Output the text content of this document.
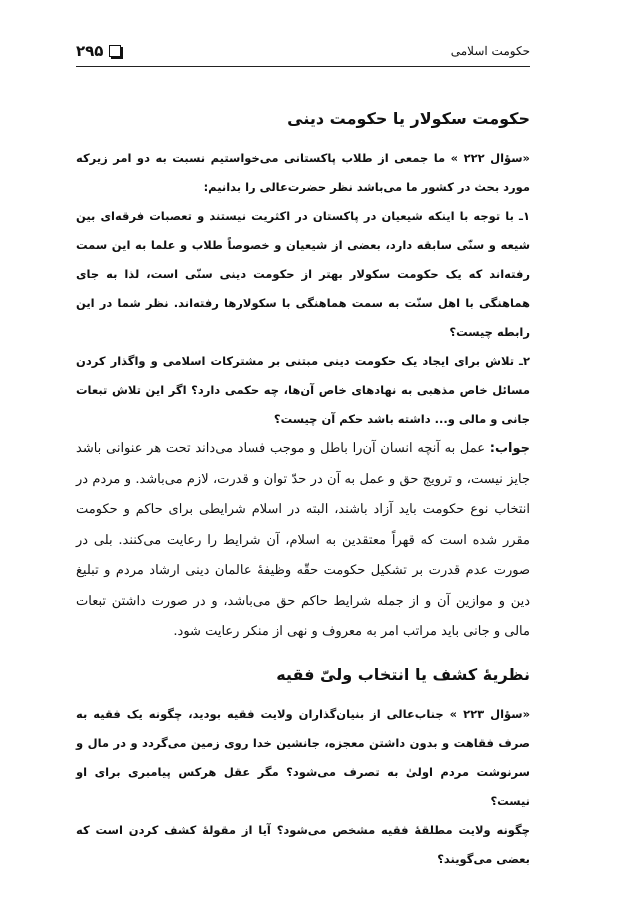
حکومت اسلامی
۲۹۵
حکومت سکولار یا حکومت دینی

«سؤال ۲۲۲ » ما جمعی از طلاب پاکستانی می‌خواستیم نسبت به دو امر زیرکه مورد بحث در کشور ما می‌باشد نظر حضرت‌عالی را بدانیم:

۱ـ با توجه با اینکه شیعیان در پاکستان در اکثریت نیستند و تعصبات فرقه‌ای بین شیعه و سنّی سابقه دارد، بعضی از شیعیان و خصوصاً طلاب و علما به این سمت رفته‌اند که یک حکومت سکولار بهتر از حکومت دینی سنّی است، لذا به جای هماهنگی با اهل سنّت به سمت هماهنگی با سکولارها رفته‌اند. نظر شما در این رابطه چیست؟

۲ـ تلاش برای ایجاد یک حکومت دینی مبتنی بر مشترکات اسلامی و واگذار کردن مسائل خاص مذهبی به نهادهای خاص آن‌ها، چه حکمی دارد؟ اگر این تلاش تبعات جانی و مالی و... داشته باشد حکم آن چیست؟

جواب: عمل به آنچه انسان آن‌را باطل و موجب فساد می‌داند تحت هر عنوانی باشد جایز نیست، و ترویج حق و عمل به آن در حدّ توان و قدرت، لازم می‌باشد. و مردم در انتخاب نوع حکومت باید آزاد باشند، البته در اسلام شرایطی برای حاکم و حکومت مقرر شده است که قهراً معتقدین به اسلام، آن شرایط را رعایت می‌کنند. بلی در صورت عدم قدرت بر تشکیل حکومت حقّه وظیفهٔ عالمان دینی ارشاد مردم و تبلیغ دین و موازین آن و از جمله شرایط حاکم حق می‌باشد، و در صورت داشتن تبعات مالی و جانی باید مراتب امر به معروف و نهی از منکر رعایت شود.

نظریهٔ کشف یا انتخاب ولیّ فقیه

«سؤال ۲۲۳ » جناب‌عالی از بنیان‌گذاران ولایت فقیه بودید، چگونه یک فقیه به صرف فقاهت و بدون داشتن معجزه، جانشین خدا روی زمین می‌گردد و در مال و سرنوشت مردم اولیٰ به تصرف می‌شود؟ مگر عقل هرکس پیامبری برای او نیست؟

چگونه ولایت مطلقهٔ فقیه مشخص می‌شود؟ آیا از مقولهٔ کشف کردن است که بعضی می‌گویند؟
